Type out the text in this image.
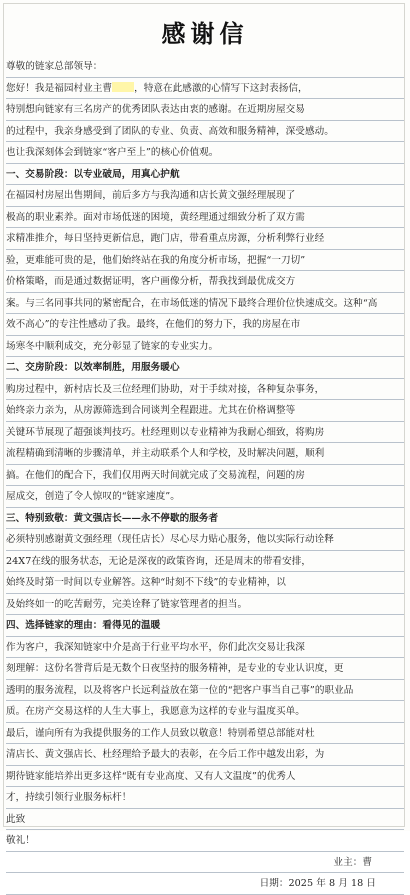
感谢信
尊敬的链家总部领导：
您好！我是福园村业主曹 ，特意在此感激的心情写下这封表扬信，
特别想向链家有三名房产的优秀团队表达由衷的感谢。在近期房屋交易
的过程中，我亲身感受到了团队的专业、负责、高效和服务精神，深受感动。
也让我深刻体会到链家“客户至上”的核心价值观。
一、交易阶段：以专业破局，用真心护航
在福园村房屋出售期间，前后多方与我沟通和店长黄文强经理展现了
极高的职业素养。面对市场低迷的困境，黄经理通过细致分析了双方需
求精准推介，每日坚持更新信息，跑门店，带看重点房源，分析利弊行业经
验，更难能可贵的是，他们始终站在我的角度分析市场，把握“一刀切”
价格策略，而是通过数据证明，客户画像分析，帮我找到最优成交方
案。与三名同事共同的紧密配合，在市场低迷的情况下最终合理价位快速成交。这种“高
效不高心”的专注性感动了我。最终，在他们的努力下，我的房屋在市
场寒冬中顺利成交，充分彰显了链家的专业实力。
二、交房阶段：以效率制胜，用服务暖心
购房过程中，新村店长及三位经理们协助，对于手续对接，各种复杂事务，
始终亲力亲为，从房源筛选到合同谈判全程跟进。尤其在价格调整等
关键环节展现了超强谈判技巧。杜经理则以专业精神为我耐心细致，将购房
流程精确到清晰的步骤清单，并主动联系个人和学校，及时解决问题，顺利
搞。在他们的配合下，我们仅用两天时间就完成了交易流程，问题的房
屋成交，创造了令人惊叹的“链家速度”。
三、特别致敬：黄文强店长——永不停歇的服务者
必须特别感谢黄文强经理（现任店长）尽心尽力贴心服务，他以实际行动诠释
24X7在线的服务状态，无论是深夜的政策咨询，还是周末的带看安排，
始终及时第一时间以专业解答。这种“时刻不下线”的专业精神，以
及始终如一的吃苦耐劳，完美诠释了链家管理者的担当。
四、选择链家的理由：看得见的温暖
作为客户，我深知链家中介是高于行业平均水平，你们此次交易让我深
刻理解：这份名誉背后是无数个日夜坚持的服务精神，是专业的专业认识度，更
透明的服务流程，以及将客户长远利益放在第一位的“把客户事当自己事”的职业品
质。在房产交易这样的人生大事上，我愿意为这样的专业与温度买单。
最后，谨向所有为我提供服务的工作人员致以敬意！特别希望总部能对杜
清店长、黄文强店长、杜经理给予最大的表彰，在今后工作中越发出彩，为
期待链家能培养出更多这样“既有专业高度、又有人文温度”的优秀人
才，持续引领行业服务标杆！
此致
敬礼！
业主：曹
日期：2025 年 8 月 18 日
